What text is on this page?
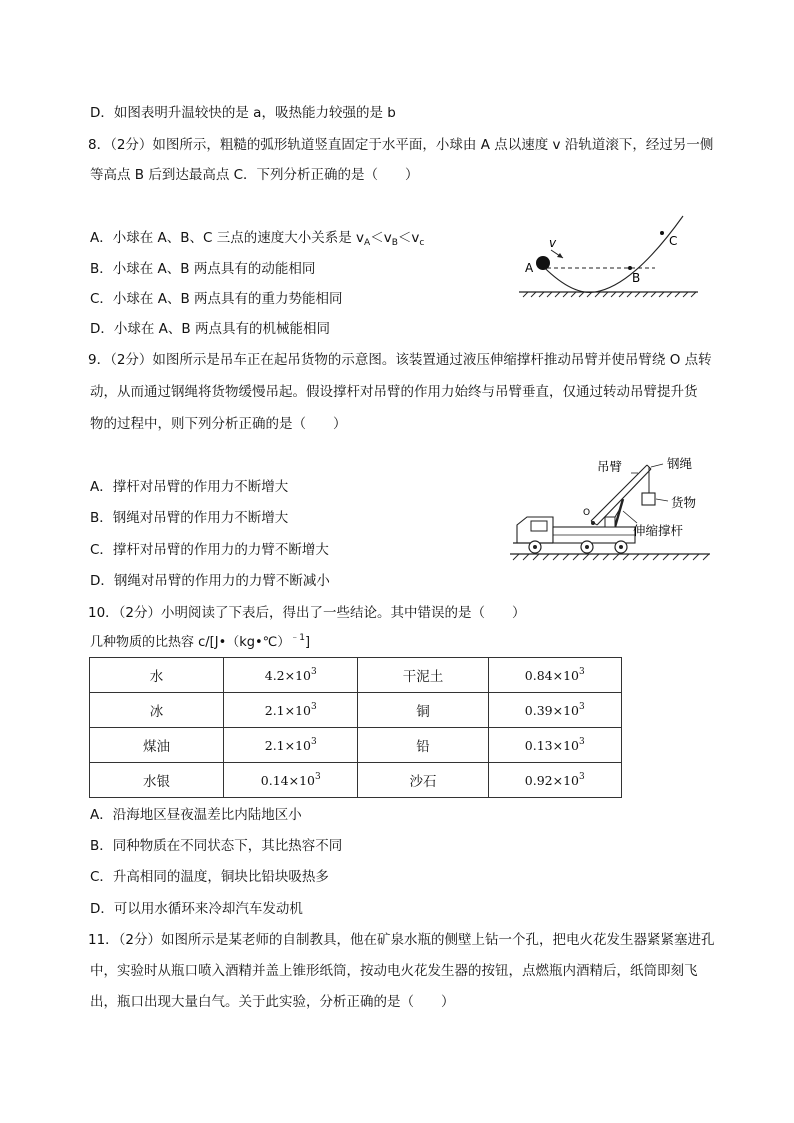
D．如图表明升温较快的是 a，吸热能力较强的是 b
8．（2分）如图所示，粗糙的弧形轨道竖直固定于水平面，小球由 A 点以速度 v 沿轨道滚下，经过另一侧
等高点 B 后到达最高点 C．下列分析正确的是（　　）
A．小球在 A、B、C 三点的速度大小关系是 $v_A<v_B<v_c$
B．小球在 A、B 两点具有的动能相同
C．小球在 A、B 两点具有的重力势能相同
D．小球在 A、B 两点具有的机械能相同
v
A
B
C
9．（2分）如图所示是吊车正在起吊货物的示意图。该装置通过液压伸缩撑杆推动吊臂并使吊臂绕 O 点转
动，从而通过钢绳将货物缓慢吊起。假设撑杆对吊臂的作用力始终与吊臂垂直，仅通过转动吊臂提升货
物的过程中，则下列分析正确的是（　　）
A．撑杆对吊臂的作用力不断增大
B．钢绳对吊臂的作用力不断增大
C．撑杆对吊臂的作用力的力臂不断增大
D．钢绳对吊臂的作用力的力臂不断减小
吊臂	钢绳
货物
伸缩撑杆
O
10．（2分）小明阅读了下表后，得出了一些结论。其中错误的是（　　）
几种物质的比热容 c/[J•（kg•℃）$^{﹣1}$]
水	$4.2\times 10^3$	干泥土	$0.84\times 10^3$
冰	$2.1\times 10^3$	铜	$0.39\times 10^3$
煤油	$2.1\times 10^3$	铅	$0.13\times 10^3$
水银	$0.14\times 10^3$	沙石	$0.92\times 10^3$
A．沿海地区昼夜温差比内陆地区小
B．同种物质在不同状态下，其比热容不同
C．升高相同的温度，铜块比铅块吸热多
D．可以用水循环来冷却汽车发动机
11．（2分）如图所示是某老师的自制教具，他在矿泉水瓶的侧壁上钻一个孔，把电火花发生器紧紧塞进孔
中，实验时从瓶口喷入酒精并盖上锥形纸筒，按动电火花发生器的按钮，点燃瓶内酒精后，纸筒即刻飞
出，瓶口出现大量白气。关于此实验，分析正确的是（　　）
